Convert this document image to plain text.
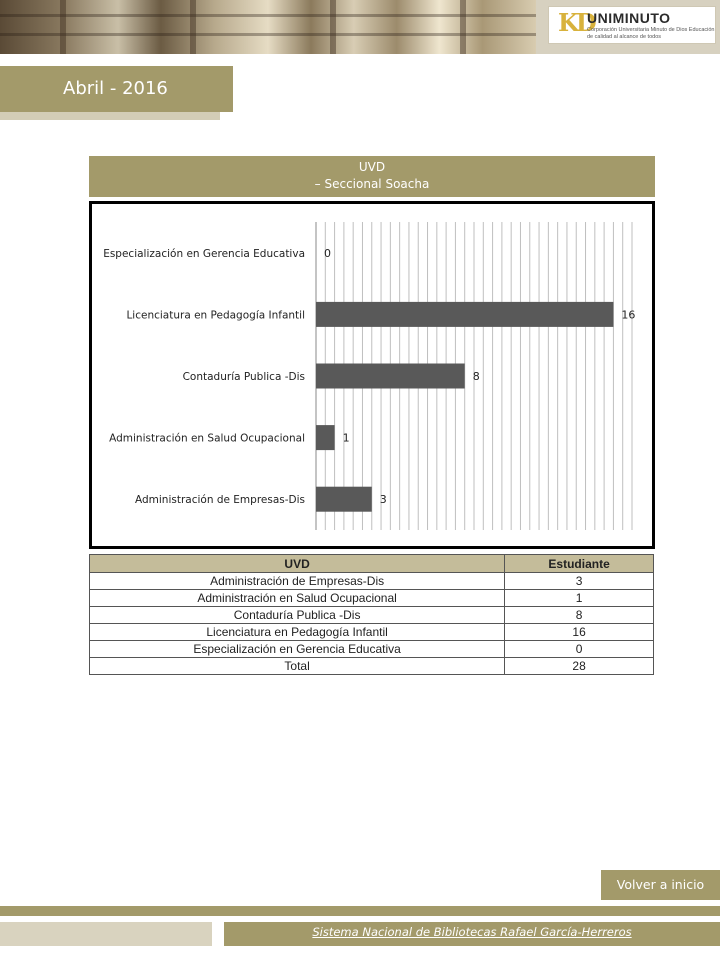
KD
UNIMINUTO
Corporación Universitaria Minuto de Dios Educación de calidad al alcance de todos
Abril - 2016
UVD
– Seccional Soacha
0
Especialización en Gerencia Educativa
16
Licenciatura en Pedagogía Infantil
8
Contaduría Publica -Dis
1
Administración en Salud Ocupacional
3
Administración de Empresas-Dis
UVD	Estudiante
Administración de Empresas-Dis	3
Administración en Salud Ocupacional	1
Contaduría Publica -Dis	8
Licenciatura en Pedagogía Infantil	16
Especialización en Gerencia Educativa	0
Total	28
Volver a inicio
Sistema Nacional de Bibliotecas Rafael García-Herreros
